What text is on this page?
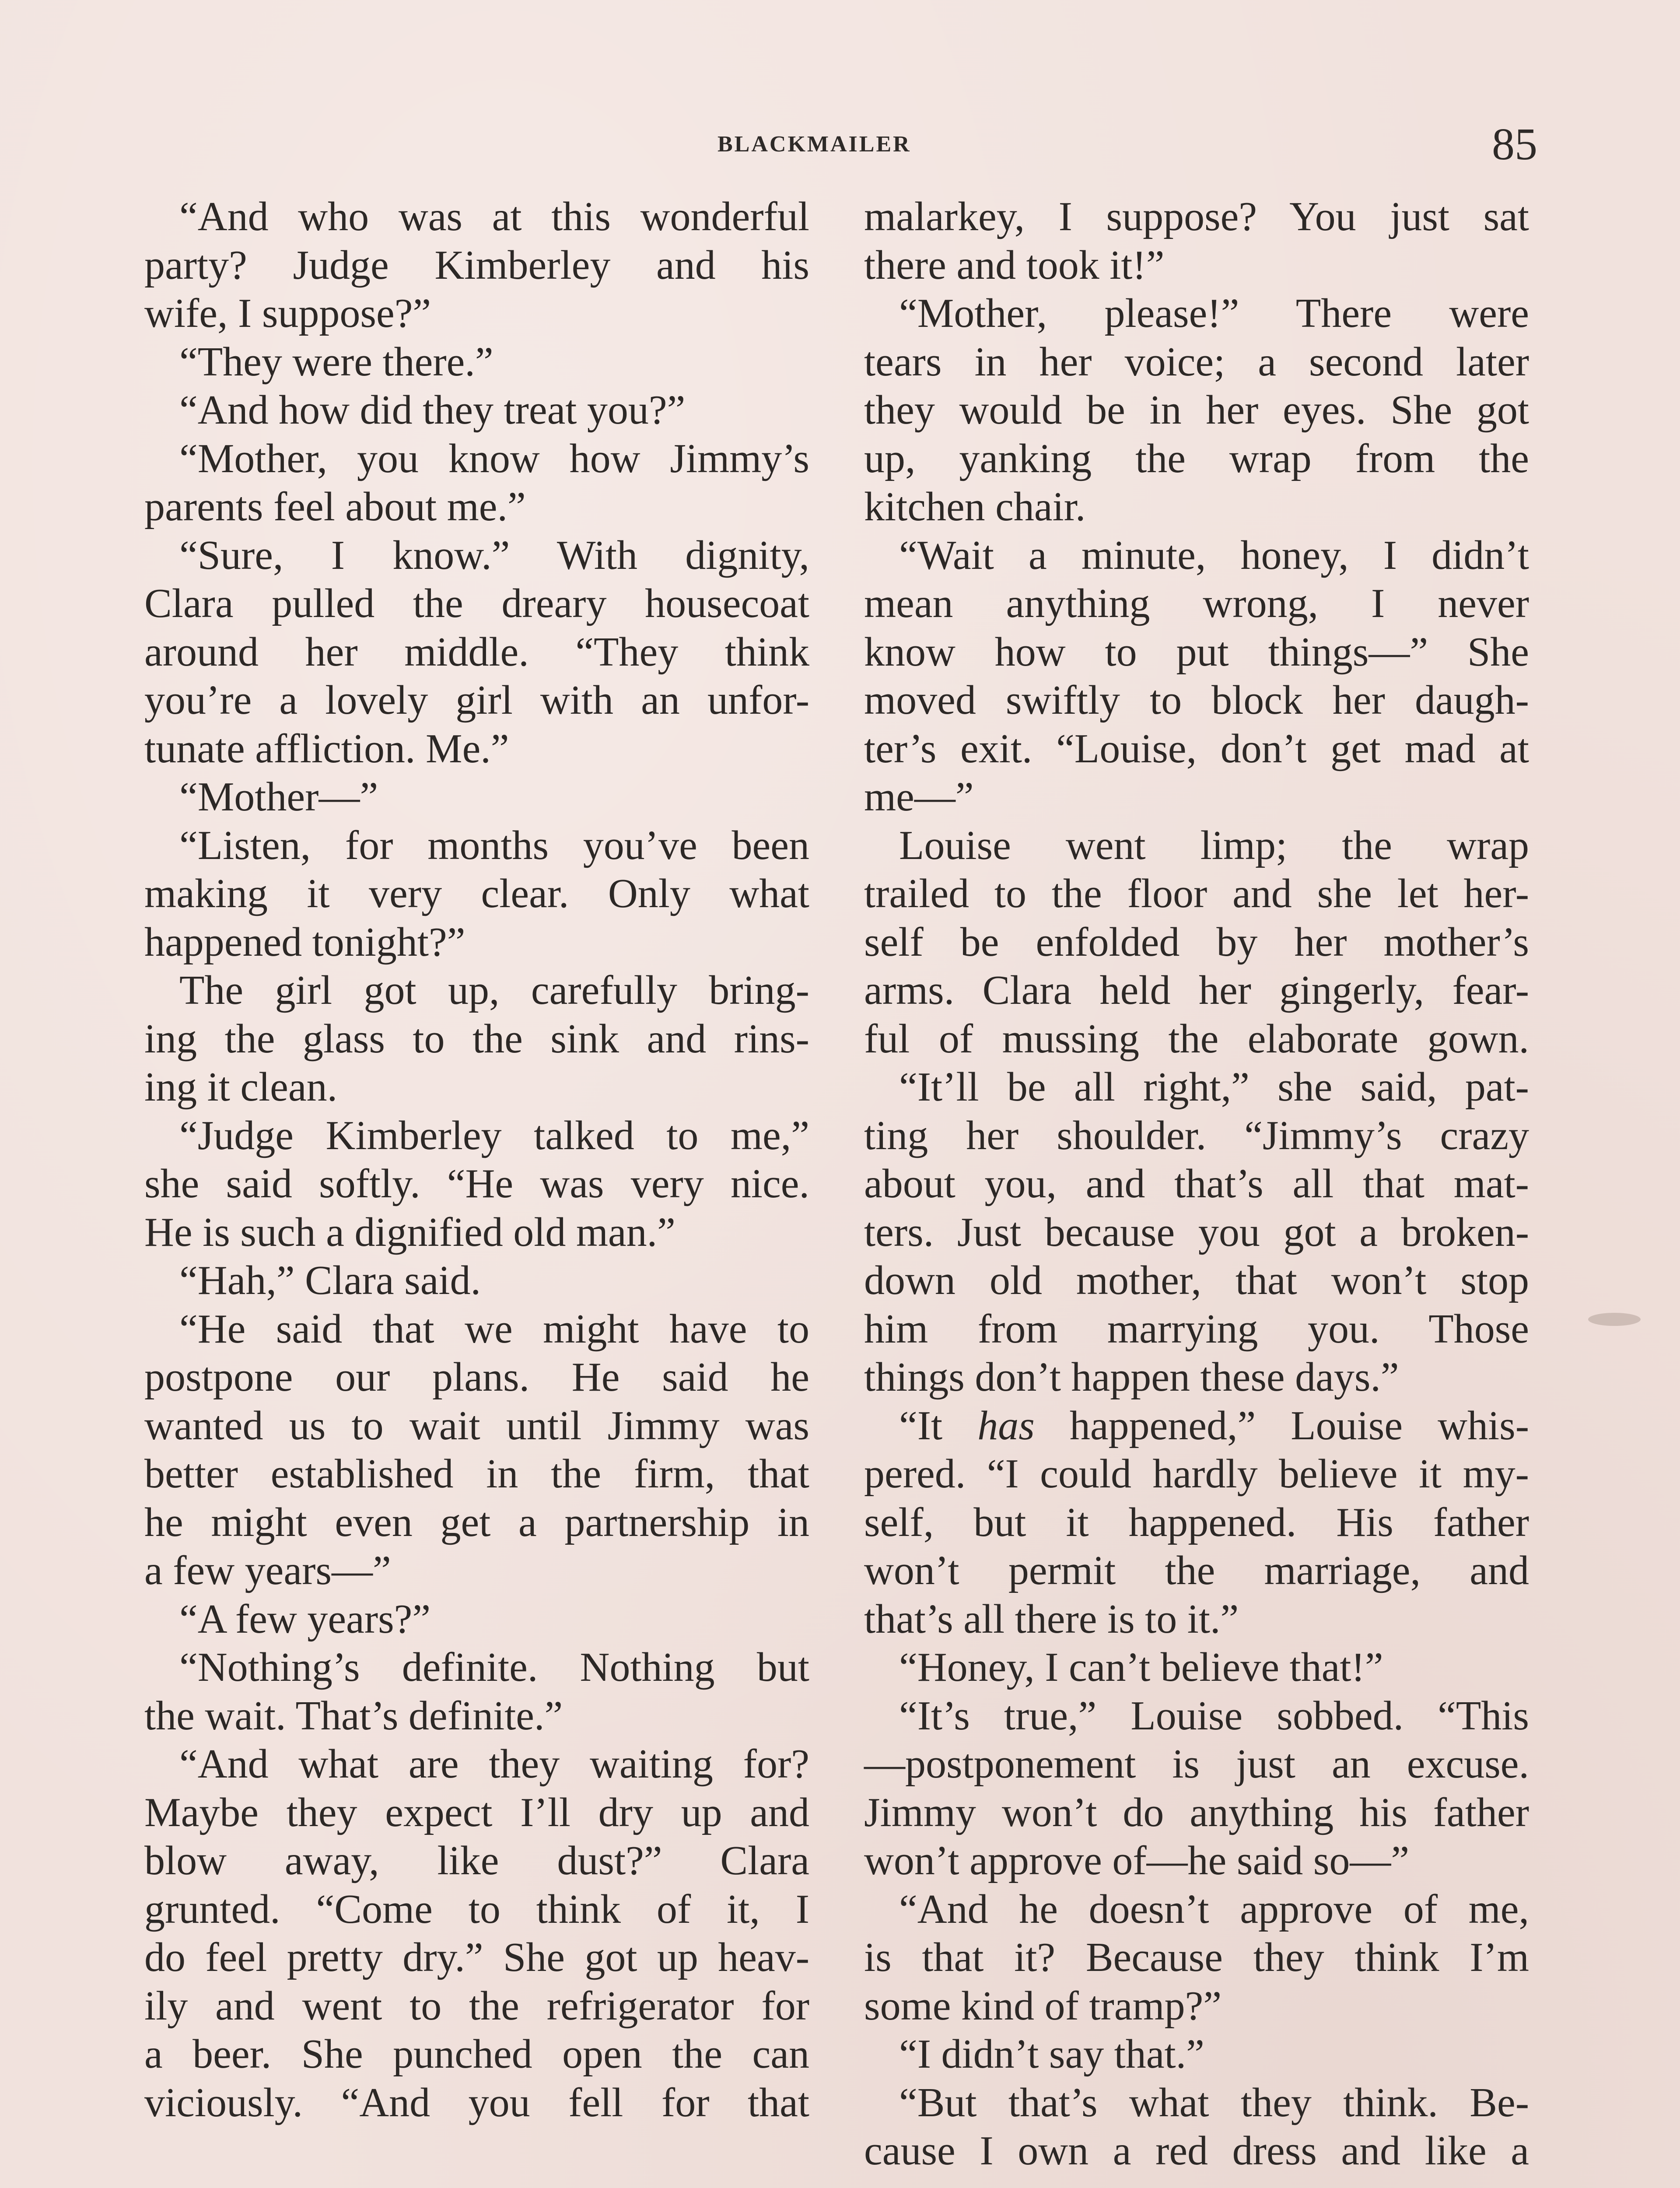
BLACKMAILER	85
“And who was at this wonderful
party? Judge Kimberley and his
wife, I suppose?”
“They were there.”
“And how did they treat you?”
“Mother, you know how Jimmy’s
parents feel about me.”
“Sure, I know.” With dignity,
Clara pulled the dreary housecoat
around her middle. “They think
you’re a lovely girl with an unfor-
tunate affliction. Me.”
“Mother—”
“Listen, for months you’ve been
making it very clear. Only what
happened tonight?”
The girl got up, carefully bring-
ing the glass to the sink and rins-
ing it clean.
“Judge Kimberley talked to me,”
she said softly. “He was very nice.
He is such a dignified old man.”
“Hah,” Clara said.
“He said that we might have to
postpone our plans. He said he
wanted us to wait until Jimmy was
better established in the firm, that
he might even get a partnership in
a few years—”
“A few years?”
“Nothing’s definite. Nothing but
the wait. That’s definite.”
“And what are they waiting for?
Maybe they expect I’ll dry up and
blow away, like dust?” Clara
grunted. “Come to think of it, I
do feel pretty dry.” She got up heav-
ily and went to the refrigerator for
a beer. She punched open the can
viciously. “And you fell for that
malarkey, I suppose? You just sat
there and took it!”
“Mother, please!” There were
tears in her voice; a second later
they would be in her eyes. She got
up, yanking the wrap from the
kitchen chair.
“Wait a minute, honey, I didn’t
mean anything wrong, I never
know how to put things—” She
moved swiftly to block her daugh-
ter’s exit. “Louise, don’t get mad at
me—”
Louise went limp; the wrap
trailed to the floor and she let her-
self be enfolded by her mother’s
arms. Clara held her gingerly, fear-
ful of mussing the elaborate gown.
“It’ll be all right,” she said, pat-
ting her shoulder. “Jimmy’s crazy
about you, and that’s all that mat-
ters. Just because you got a broken-
down old mother, that won’t stop
him from marrying you. Those
things don’t happen these days.”
“It has happened,” Louise whis-
pered. “I could hardly believe it my-
self, but it happened. His father
won’t permit the marriage, and
that’s all there is to it.”
“Honey, I can’t believe that!”
“It’s true,” Louise sobbed. “This
—postponement is just an excuse.
Jimmy won’t do anything his father
won’t approve of—he said so—”
“And he doesn’t approve of me,
is that it? Because they think I’m
some kind of tramp?”
“I didn’t say that.”
“But that’s what they think. Be-
cause I own a red dress and like a
